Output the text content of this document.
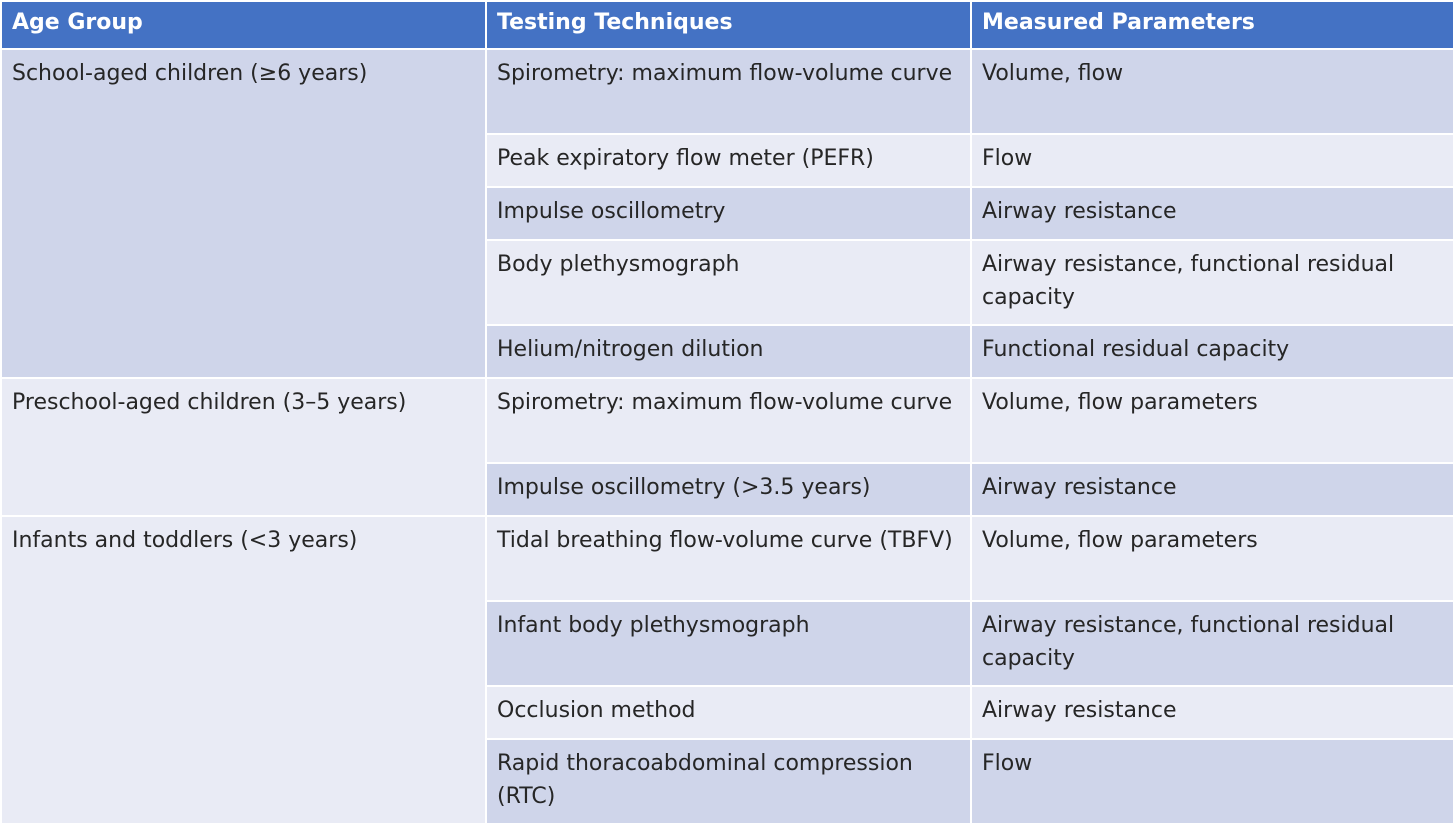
Age Group	Testing Techniques	Measured Parameters
School-aged children (≥6 years)	Spirometry: maximum flow-volume curve	Volume, flow
	Peak expiratory flow meter (PEFR)	Flow
	Impulse oscillometry	Airway resistance
	Body plethysmograph	Airway resistance, functional residual capacity
	Helium/nitrogen dilution	Functional residual capacity
Preschool-aged children (3–5 years)	Spirometry: maximum flow-volume curve	Volume, flow parameters
	Impulse oscillometry (>3.5 years)	Airway resistance
Infants and toddlers (<3 years)	Tidal breathing flow-volume curve (TBFV)	Volume, flow parameters
	Infant body plethysmograph	Airway resistance, functional residual capacity
	Occlusion method	Airway resistance
	Rapid thoracoabdominal compression (RTC)	Flow
